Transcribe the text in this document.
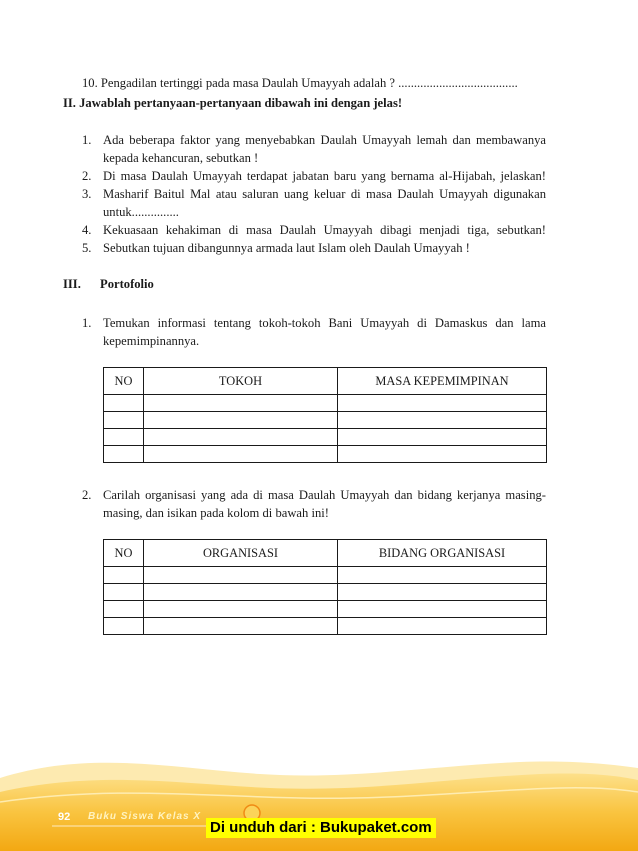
10. Pengadilan tertinggi pada masa Daulah Umayyah adalah ? ......................................
II. Jawablah pertanyaan-pertanyaan dibawah ini dengan jelas!
1. Ada beberapa faktor yang menyebabkan Daulah Umayyah lemah dan membawanya
kepada kehancuran, sebutkan !
2. Di masa Daulah Umayyah terdapat jabatan baru yang bernama al-Hijabah, jelaskan!
3. Masharif Baitul Mal atau saluran uang keluar di masa Daulah Umayyah digunakan
untuk...............
4. Kekuasaan kehakiman di masa Daulah Umayyah dibagi menjadi tiga, sebutkan!
5. Sebutkan tujuan dibangunnya armada laut Islam oleh Daulah Umayyah !
III. Portofolio
1. Temukan informasi tentang tokoh-tokoh Bani Umayyah di Damaskus dan lama
kepemimpinannya.
NO	TOKOH	MASA KEPEMIMPINAN

2. Carilah organisasi yang ada di masa Daulah Umayyah dan bidang kerjanya masing-
masing, dan isikan pada kolom di bawah ini!
NO	ORGANISASI	BIDANG ORGANISASI

92 Buku Siswa Kelas X
Di unduh dari : Bukupaket.com
